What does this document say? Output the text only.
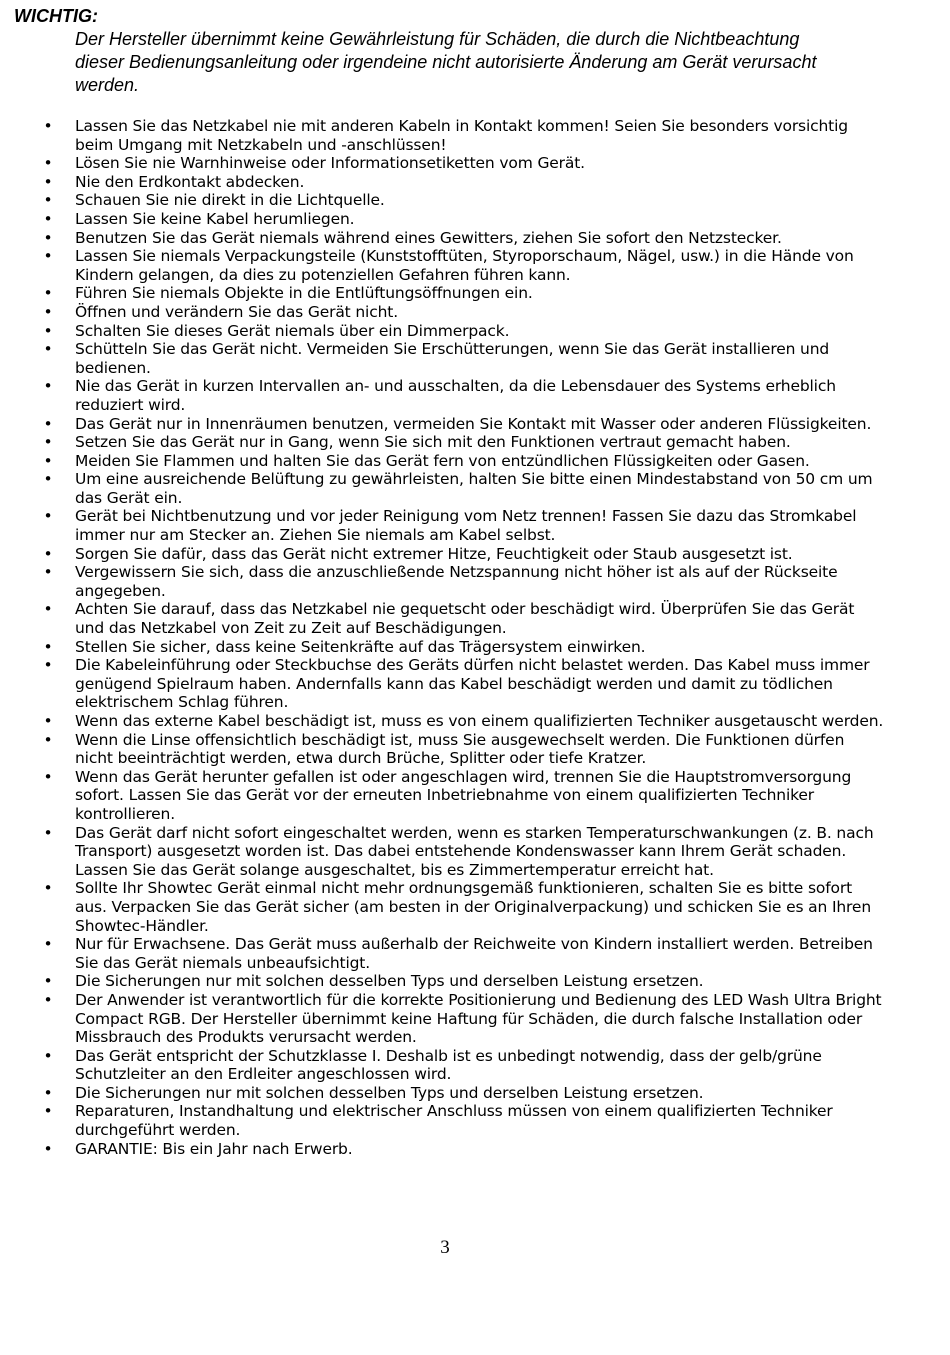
WICHTIG:

Der Hersteller übernimmt keine Gewährleistung für Schäden, die durch die Nichtbeachtung dieser Bedienungsanleitung oder irgendeine nicht autorisierte Änderung am Gerät verursacht werden.

• Lassen Sie das Netzkabel nie mit anderen Kabeln in Kontakt kommen! Seien Sie besonders vorsichtig beim Umgang mit Netzkabeln und -anschlüssen!
• Lösen Sie nie Warnhinweise oder Informationsetiketten vom Gerät.
• Nie den Erdkontakt abdecken.
• Schauen Sie nie direkt in die Lichtquelle.
• Lassen Sie keine Kabel herumliegen.
• Benutzen Sie das Gerät niemals während eines Gewitters, ziehen Sie sofort den Netzstecker.
• Lassen Sie niemals Verpackungsteile (Kunststofftüten, Styroporschaum, Nägel, usw.) in die Hände von Kindern gelangen, da dies zu potenziellen Gefahren führen kann.
• Führen Sie niemals Objekte in die Entlüftungsöffnungen ein.
• Öffnen und verändern Sie das Gerät nicht.
• Schalten Sie dieses Gerät niemals über ein Dimmerpack.
• Schütteln Sie das Gerät nicht. Vermeiden Sie Erschütterungen, wenn Sie das Gerät installieren und bedienen.
• Nie das Gerät in kurzen Intervallen an- und ausschalten, da die Lebensdauer des Systems erheblich reduziert wird.
• Das Gerät nur in Innenräumen benutzen, vermeiden Sie Kontakt mit Wasser oder anderen Flüssigkeiten.
• Setzen Sie das Gerät nur in Gang, wenn Sie sich mit den Funktionen vertraut gemacht haben.
• Meiden Sie Flammen und halten Sie das Gerät fern von entzündlichen Flüssigkeiten oder Gasen.
• Um eine ausreichende Belüftung zu gewährleisten, halten Sie bitte einen Mindestabstand von 50 cm um das Gerät ein.
• Gerät bei Nichtbenutzung und vor jeder Reinigung vom Netz trennen! Fassen Sie dazu das Stromkabel immer nur am Stecker an. Ziehen Sie niemals am Kabel selbst.
• Sorgen Sie dafür, dass das Gerät nicht extremer Hitze, Feuchtigkeit oder Staub ausgesetzt ist.
• Vergewissern Sie sich, dass die anzuschließende Netzspannung nicht höher ist als auf der Rückseite angegeben.
• Achten Sie darauf, dass das Netzkabel nie gequetscht oder beschädigt wird. Überprüfen Sie das Gerät und das Netzkabel von Zeit zu Zeit auf Beschädigungen.
• Stellen Sie sicher, dass keine Seitenkräfte auf das Trägersystem einwirken.
• Die Kabeleinführung oder Steckbuchse des Geräts dürfen nicht belastet werden. Das Kabel muss immer genügend Spielraum haben. Andernfalls kann das Kabel beschädigt werden und damit zu tödlichen elektrischem Schlag führen.
• Wenn das externe Kabel beschädigt ist, muss es von einem qualifizierten Techniker ausgetauscht werden.
• Wenn die Linse offensichtlich beschädigt ist, muss Sie ausgewechselt werden. Die Funktionen dürfen nicht beeinträchtigt werden, etwa durch Brüche, Splitter oder tiefe Kratzer.
• Wenn das Gerät herunter gefallen ist oder angeschlagen wird, trennen Sie die Hauptstromversorgung sofort. Lassen Sie das Gerät vor der erneuten Inbetriebnahme von einem qualifizierten Techniker kontrollieren.
• Das Gerät darf nicht sofort eingeschaltet werden, wenn es starken Temperaturschwankungen (z. B. nach Transport) ausgesetzt worden ist. Das dabei entstehende Kondenswasser kann Ihrem Gerät schaden. Lassen Sie das Gerät solange ausgeschaltet, bis es Zimmertemperatur erreicht hat.
• Sollte Ihr Showtec Gerät einmal nicht mehr ordnungsgemäß funktionieren, schalten Sie es bitte sofort aus. Verpacken Sie das Gerät sicher (am besten in der Originalverpackung) und schicken Sie es an Ihren Showtec-Händler.
• Nur für Erwachsene. Das Gerät muss außerhalb der Reichweite von Kindern installiert werden. Betreiben Sie das Gerät niemals unbeaufsichtigt.
• Die Sicherungen nur mit solchen desselben Typs und derselben Leistung ersetzen.
• Der Anwender ist verantwortlich für die korrekte Positionierung und Bedienung des LED Wash Ultra Bright Compact RGB. Der Hersteller übernimmt keine Haftung für Schäden, die durch falsche Installation oder Missbrauch des Produkts verursacht werden.
• Das Gerät entspricht der Schutzklasse I. Deshalb ist es unbedingt notwendig, dass der gelb/grüne Schutzleiter an den Erdleiter angeschlossen wird.
• Die Sicherungen nur mit solchen desselben Typs und derselben Leistung ersetzen.
• Reparaturen, Instandhaltung und elektrischer Anschluss müssen von einem qualifizierten Techniker durchgeführt werden.
• GARANTIE: Bis ein Jahr nach Erwerb.
3
